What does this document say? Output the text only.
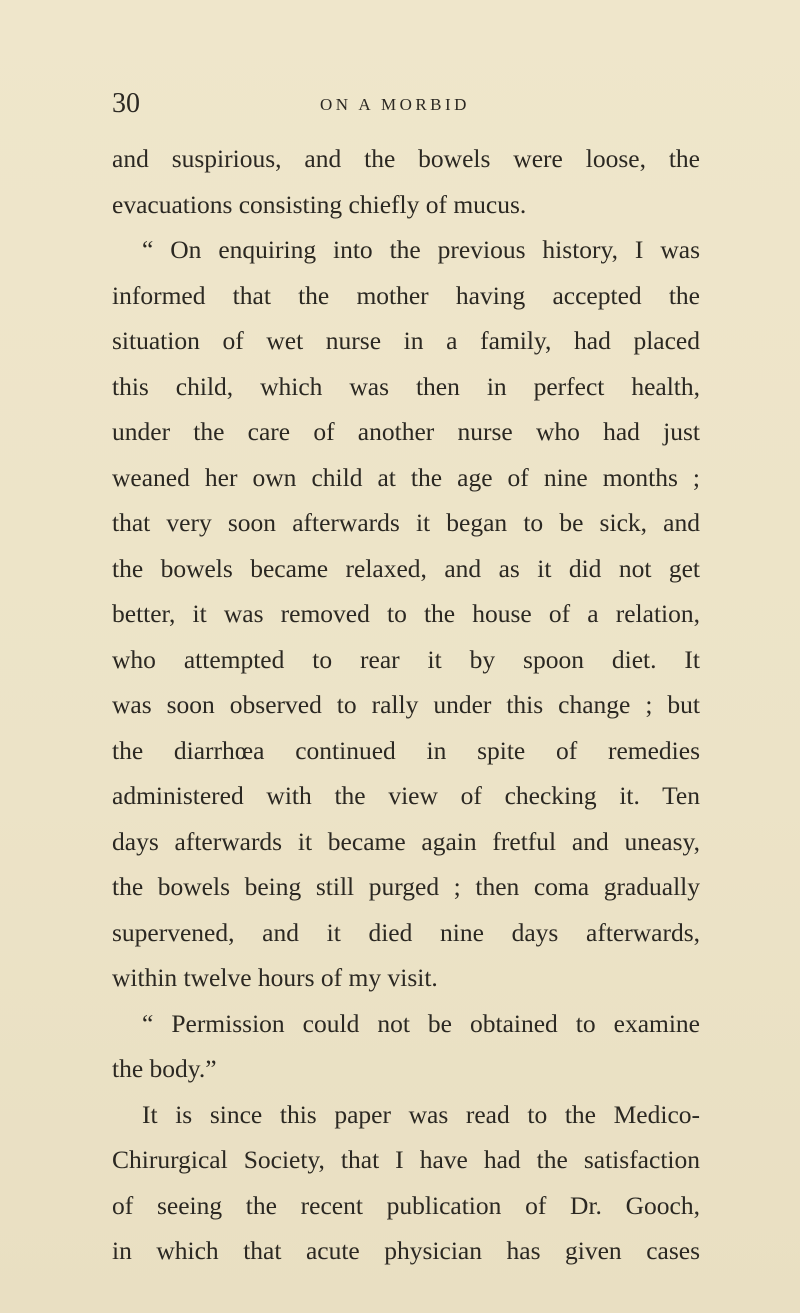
30	ON A MORBID
and suspirious, and the bowels were loose, the
evacuations consisting chiefly of mucus.
“ On enquiring into the previous history, I was
informed that the mother having accepted the
situation of wet nurse in a family, had placed
this child, which was then in perfect health,
under the care of another nurse who had just
weaned her own child at the age of nine months ;
that very soon afterwards it began to be sick, and
the bowels became relaxed, and as it did not get
better, it was removed to the house of a relation,
who attempted to rear it by spoon diet. It
was soon observed to rally under this change ; but
the diarrhœa continued in spite of remedies
administered with the view of checking it. Ten
days afterwards it became again fretful and uneasy,
the bowels being still purged ; then coma gradually
supervened, and it died nine days afterwards,
within twelve hours of my visit.
“ Permission could not be obtained to examine
the body.”
It is since this paper was read to the Medico-
Chirurgical Society, that I have had the satisfaction
of seeing the recent publication of Dr. Gooch,
in which that acute physician has given cases
